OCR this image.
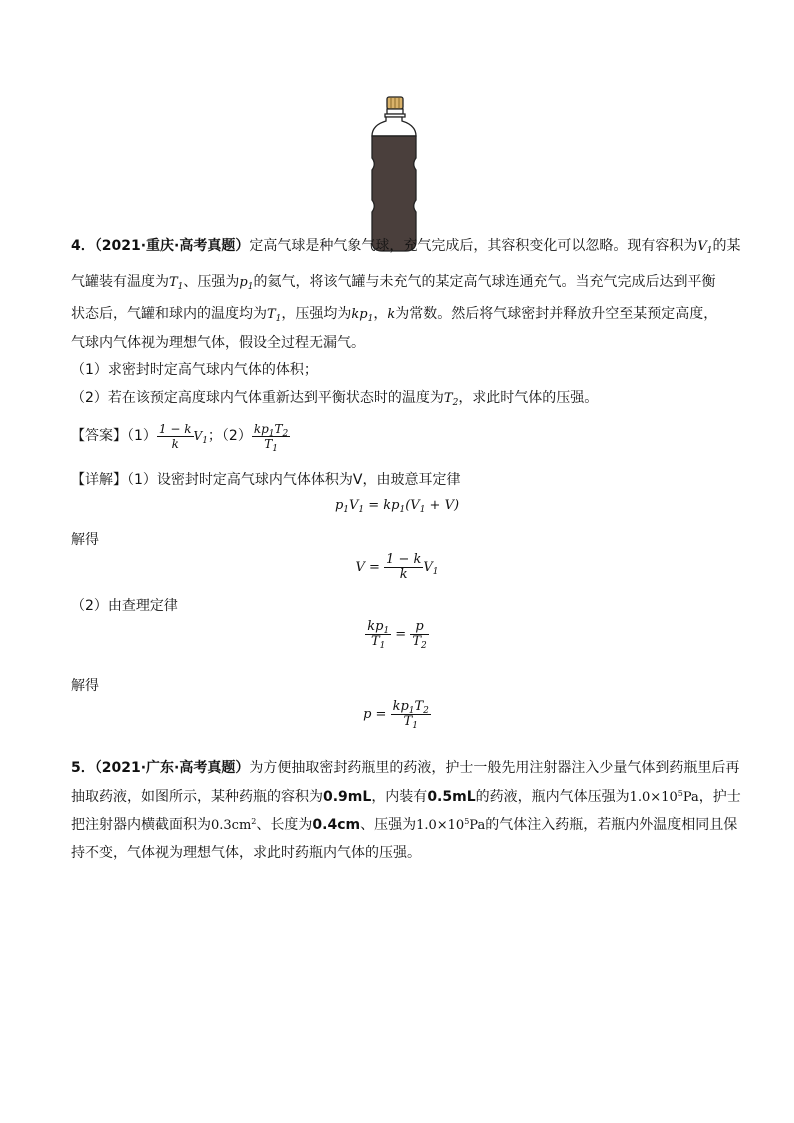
4．（2021·重庆·高考真题）定高气球是种气象气球，充气完成后，其容积变化可以忽略。现有容积为$V_1$的某
气罐装有温度为$T_1$、压强为$p_1$的氦气，将该气罐与未充气的某定高气球连通充气。当充气完成后达到平衡
状态后，气罐和球内的温度均为$T_1$，压强均为$kp_1$，k为常数。然后将气球密封并释放升空至某预定高度，
气球内气体视为理想气体，假设全过程无漏气。
（1）求密封时定高气球内气体的体积；
（2）若在该预定高度球内气体重新达到平衡状态时的温度为$T_2$，求此时气体的压强。
【答案】$(1) \frac{1 - k}{k} V_1$；$(2) \frac{kp_1T_2}{T_1}$
【详解】（1）设密封时定高气球内气体体积为V，由玻意耳定律
$p_1V_1 = kp_1(V_1 + V)$
解得
$V = \frac{1 - k}{k} V_1$
（2）由查理定律
$\frac{kp_1}{T_1} = \frac{p}{T_2}$
解得
$p = \frac{kp_1T_2}{T_1}$
5．（2021·广东·高考真题）为方便抽取密封药瓶里的药液，护士一般先用注射器注入少量气体到药瓶里后再
抽取药液，如图所示，某种药瓶的容积为0.9mL，内装有0.5mL的药液，瓶内气体压强为$1.0\times 10^5Pa$，护士
把注射器内横截面积为$0.3cm^2$、长度为0.4cm、压强为$1.0\times 10^5Pa$的气体注入药瓶，若瓶内外温度相同且保
持不变，气体视为理想气体，求此时药瓶内气体的压强。
